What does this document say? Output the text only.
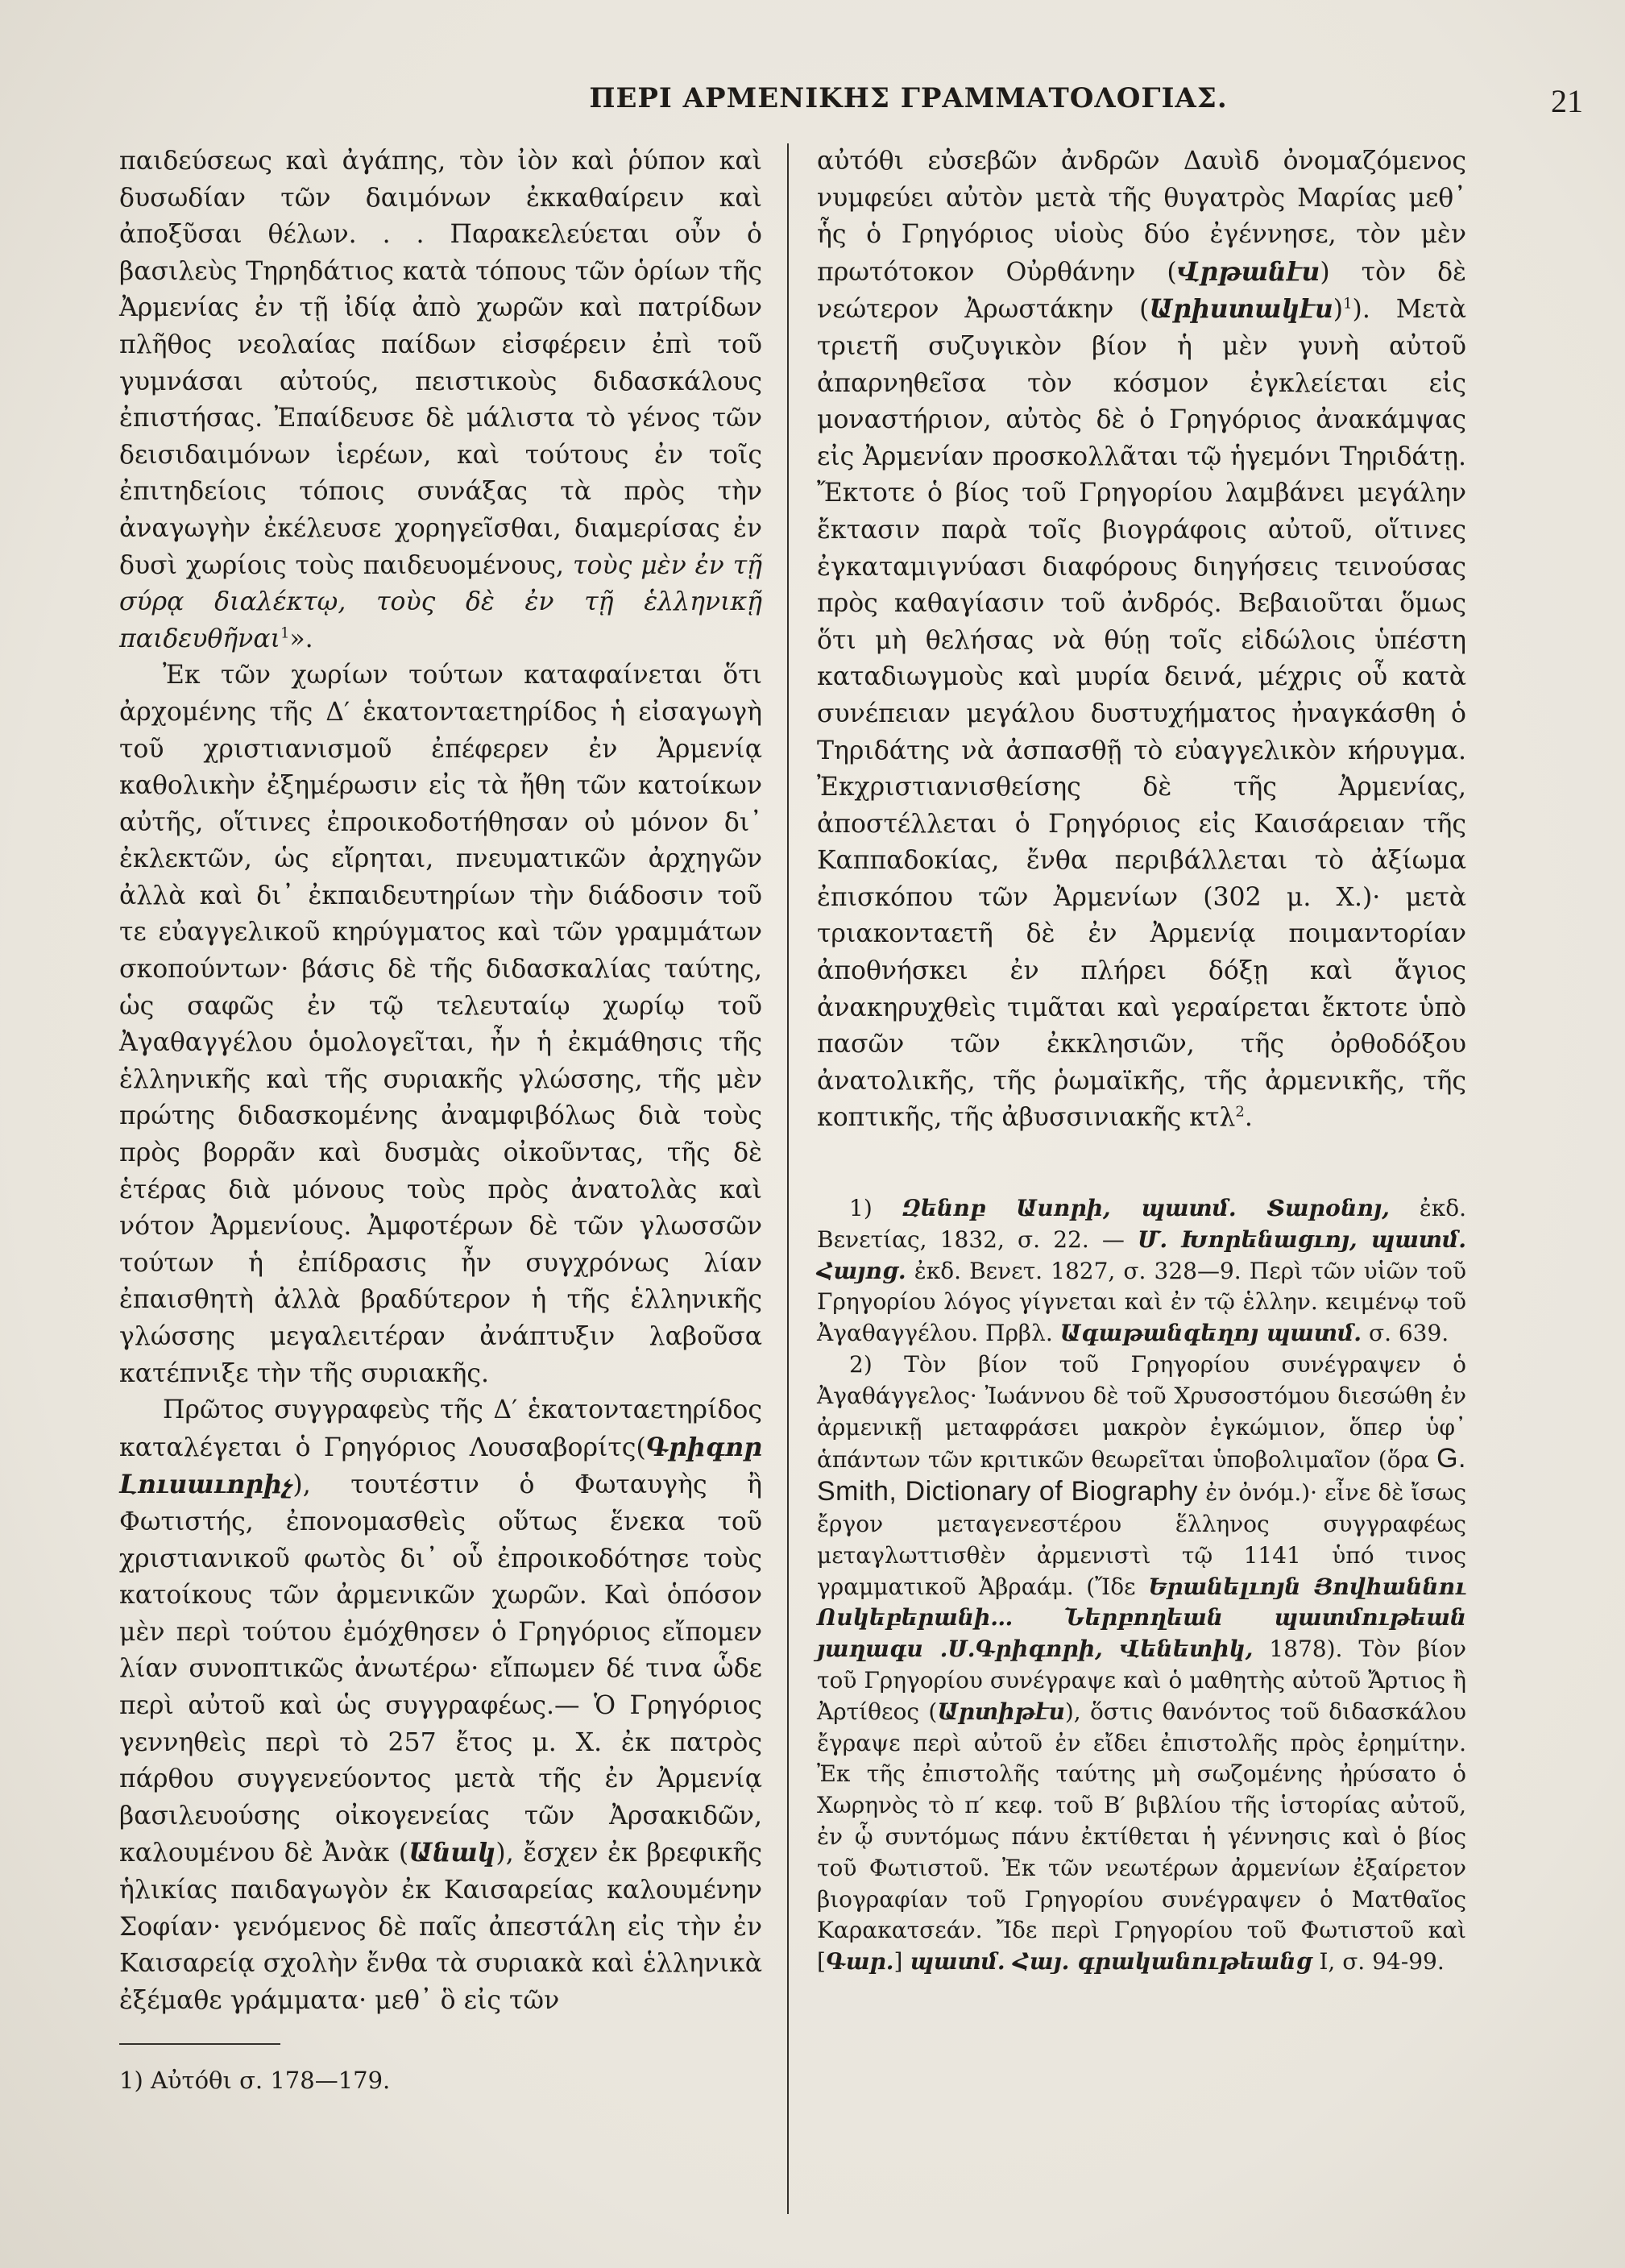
ΠΕΡΙ ΑΡΜΕΝΙΚΗΣ ΓΡΑΜΜΑΤΟΛΟΓΙΑΣ.	21

παιδεύσεως καὶ ἀγάπης, τὸν ἰὸν καὶ ῥύπον καὶ δυσωδίαν τῶν δαιμόνων ἐκκαθαίρειν καὶ ἀποξῦσαι θέλων. . . Παρακελεύεται οὖν ὁ βασιλεὺς Τηρηδάτιος κατὰ τόπους τῶν ὁρίων τῆς Ἀρμενίας ἐν τῇ ἰδίᾳ ἀπὸ χωρῶν καὶ πατρίδων πλῆθος νεολαίας παίδων εἰσφέρειν ἐπὶ τοῦ γυμνάσαι αὐτούς, πειστικοὺς διδασκάλους ἐπιστήσας. Ἐπαίδευσε δὲ μάλιστα τὸ γένος τῶν δεισιδαιμόνων ἱερέων, καὶ τούτους ἐν τοῖς ἐπιτηδείοις τόποις συνάξας τὰ πρὸς τὴν ἀναγωγὴν ἐκέλευσε χορηγεῖσθαι, διαμερίσας ἐν δυσὶ χωρίοις τοὺς παιδευομένους, τοὺς μὲν ἐν τῇ σύρᾳ διαλέκτῳ, τοὺς δὲ ἐν τῇ ἑλληνικῇ παιδευθῆναι$^1$».

Ἐκ τῶν χωρίων τούτων καταφαίνεται ὅτι ἀρχομένης τῆς Δ′ ἑκατονταετηρίδος ἡ εἰσαγωγὴ τοῦ χριστιανισμοῦ ἐπέφερεν ἐν Ἀρμενίᾳ καθολικὴν ἐξημέρωσιν εἰς τὰ ἤθη τῶν κατοίκων αὐτῆς, οἵτινες ἐπροικοδοτήθησαν οὐ μόνον δι᾽ ἐκλεκτῶν, ὡς εἴρηται, πνευματικῶν ἀρχηγῶν ἀλλὰ καὶ δι᾽ ἐκπαιδευτηρίων τὴν διάδοσιν τοῦ τε εὐαγγελικοῦ κηρύγματος καὶ τῶν γραμμάτων σκοπούντων· βάσις δὲ τῆς διδασκαλίας ταύτης, ὡς σαφῶς ἐν τῷ τελευταίῳ χωρίῳ τοῦ Ἀγαθαγγέλου ὁμολογεῖται, ἦν ἡ ἐκμάθησις τῆς ἑλληνικῆς καὶ τῆς συριακῆς γλώσσης, τῆς μὲν πρώτης διδασκομένης ἀναμφιβόλως διὰ τοὺς πρὸς βορρᾶν καὶ δυσμὰς οἰκοῦντας, τῆς δὲ ἑτέρας διὰ μόνους τοὺς πρὸς ἀνατολὰς καὶ νότον Ἀρμενίους. Ἀμφοτέρων δὲ τῶν γλωσσῶν τούτων ἡ ἐπίδρασις ἦν συγχρόνως λίαν ἐπαισθητὴ ἀλλὰ βραδύτερον ἡ τῆς ἑλληνικῆς γλώσσης μεγαλειτέραν ἀνάπτυξιν λαβοῦσα κατέπνιξε τὴν τῆς συριακῆς.

Πρῶτος συγγραφεὺς τῆς Δ′ ἑκατονταετηρίδος καταλέγεται ὁ Γρηγόριος Λουσαβορίτς(Գրիգոր Լուսաւորիչ), τουτέστιν ὁ Φωταυγὴς ἢ Φωτιστής, ἐπονομασθεὶς οὕτως ἕνεκα τοῦ χριστιανικοῦ φωτὸς δι᾽ οὗ ἐπροικοδότησε τοὺς κατοίκους τῶν ἀρμενικῶν χωρῶν. Καὶ ὁπόσον μὲν περὶ τούτου ἐμόχθησεν ὁ Γρηγόριος εἴπομεν λίαν συνοπτικῶς ἀνωτέρω· εἴπωμεν δέ τινα ὧδε περὶ αὐτοῦ καὶ ὡς συγγραφέως.— Ὁ Γρηγόριος γεννηθεὶς περὶ τὸ 257 ἔτος μ. Χ. ἐκ πατρὸς πάρθου συγγενεύοντος μετὰ τῆς ἐν Ἀρμενίᾳ βασιλευούσης οἰκογενείας τῶν Ἀρσακιδῶν, καλουμένου δὲ Ἀνὰκ (Անակ), ἔσχεν ἐκ βρεφικῆς ἡλικίας παιδαγωγὸν ἐκ Καισαρείας καλουμένην Σοφίαν· γενόμενος δὲ παῖς ἀπεστάλη εἰς τὴν ἐν Καισαρείᾳ σχολὴν ἔνθα τὰ συριακὰ καὶ ἑλληνικὰ ἐξέμαθε γράμματα· μεθ᾽ ὃ εἰς τῶν

1) Αὐτόθι σ. 178—179.

αὐτόθι εὐσεβῶν ἀνδρῶν Δαυὶδ ὀνομαζόμενος νυμφεύει αὐτὸν μετὰ τῆς θυγατρὸς Μαρίας μεθ᾽ ἧς ὁ Γρηγόριος υἱοὺς δύο ἐγέννησε, τὸν μὲν πρωτότοκον Οὐρθάνην (Վրթանէս) τὸν δὲ νεώτερον Ἀρωστάκην (Արիստակէս)$^1$). Μετὰ τριετῆ συζυγικὸν βίον ἡ μὲν γυνὴ αὐτοῦ ἀπαρνηθεῖσα τὸν κόσμον ἐγκλείεται εἰς μοναστήριον, αὐτὸς δὲ ὁ Γρηγόριος ἀνακάμψας εἰς Ἀρμενίαν προσκολλᾶται τῷ ἡγεμόνι Τηριδάτῃ. Ἔκτοτε ὁ βίος τοῦ Γρηγορίου λαμβάνει μεγάλην ἔκτασιν παρὰ τοῖς βιογράφοις αὐτοῦ, οἵτινες ἐγκαταμιγνύασι διαφόρους διηγήσεις τεινούσας πρὸς καθαγίασιν τοῦ ἀνδρός. Βεβαιοῦται ὅμως ὅτι μὴ θελήσας νὰ θύῃ τοῖς εἰδώλοις ὑπέστη καταδιωγμοὺς καὶ μυρία δεινά, μέχρις οὗ κατὰ συνέπειαν μεγάλου δυστυχήματος ἠναγκάσθη ὁ Τηριδάτης νὰ ἀσπασθῇ τὸ εὐαγγελικὸν κήρυγμα. Ἐκχριστιανισθείσης δὲ τῆς Ἀρμενίας, ἀποστέλλεται ὁ Γρηγόριος εἰς Καισάρειαν τῆς Καππαδοκίας, ἔνθα περιβάλλεται τὸ ἀξίωμα ἐπισκόπου τῶν Ἀρμενίων (302 μ. Χ.)· μετὰ τριακονταετῆ δὲ ἐν Ἀρμενίᾳ ποιμαντορίαν ἀποθνήσκει ἐν πλήρει δόξῃ καὶ ἅγιος ἀνακηρυχθεὶς τιμᾶται καὶ γεραίρεται ἔκτοτε ὑπὸ πασῶν τῶν ἐκκλησιῶν, τῆς ὀρθοδόξου ἀνατολικῆς, τῆς ῥωμαϊκῆς, τῆς ἀρμενικῆς, τῆς κοπτικῆς, τῆς ἀβυσσινιακῆς κτλ$^2$.

1) Զենոբ Ասորի, պատմ. Տարօնոյ, ἐκδ. Βενετίας, 1832, σ. 22. — Մ. Խորենացւոյ, պատմ. Հայոց. ἐκδ. Βενετ. 1827, σ. 328—9. Περὶ τῶν υἱῶν τοῦ Γρηγορίου λόγος γίγνεται καὶ ἐν τῷ ἑλλην. κειμένῳ τοῦ Ἀγαθαγγέλου. Πρβλ. Ագաթանգեղոյ պատմ. σ. 639.

2) Τὸν βίον τοῦ Γρηγορίου συνέγραψεν ὁ Ἀγαθάγγελος· Ἰωάννου δὲ τοῦ Χρυσοστόμου διεσώθη ἐν ἀρμενικῇ μεταφράσει μακρὸν ἐγκώμιον, ὅπερ ὑφ᾽ ἁπάντων τῶν κριτικῶν θεωρεῖται ὑποβολιμαῖον (ὅρα G. Smith, Dictionary of Biography ἐν ὀνόμ.)· εἶνε δὲ ἴσως ἔργον μεταγενεστέρου ἕλληνος συγγραφέως μεταγλωττισθὲν ἀρμενιστὶ τῷ 1141 ὑπό τινος γραμματικοῦ Ἀβραάμ. (Ἴδε Երանելւոյն Յովհաննու Ոսկեբերանի… Ներբողեան պատմութեան յաղագս .Ս.Գրիգորի, Վենետիկ, 1878). Τὸν βίον τοῦ Γρηγορίου συνέγραψε καὶ ὁ μαθητὴς αὐτοῦ Ἄρτιος ἢ Ἀρτίθεος (Արտիթէս), ὅστις θανόντος τοῦ διδασκάλου ἔγραψε περὶ αὐτοῦ ἐν εἴδει ἐπιστολῆς πρὸς ἐρημίτην. Ἐκ τῆς ἐπιστολῆς ταύτης μὴ σωζομένης ἠρύσατο ὁ Χωρηνὸς τὸ π′ κεφ. τοῦ Β′ βιβλίου τῆς ἱστορίας αὐτοῦ, ἐν ᾧ συντόμως πάνυ ἐκτίθεται ἡ γέννησις καὶ ὁ βίος τοῦ Φωτιστοῦ. Ἐκ τῶν νεωτέρων ἀρμενίων ἐξαίρετον βιογραφίαν τοῦ Γρηγορίου συνέγραψεν ὁ Ματθαῖος Καρακατσεάν. Ἴδε περὶ Γρηγορίου τοῦ Φωτιστοῦ καὶ [Գար.] պատմ. Հայ. գրականութեանց I, σ. 94-99.
